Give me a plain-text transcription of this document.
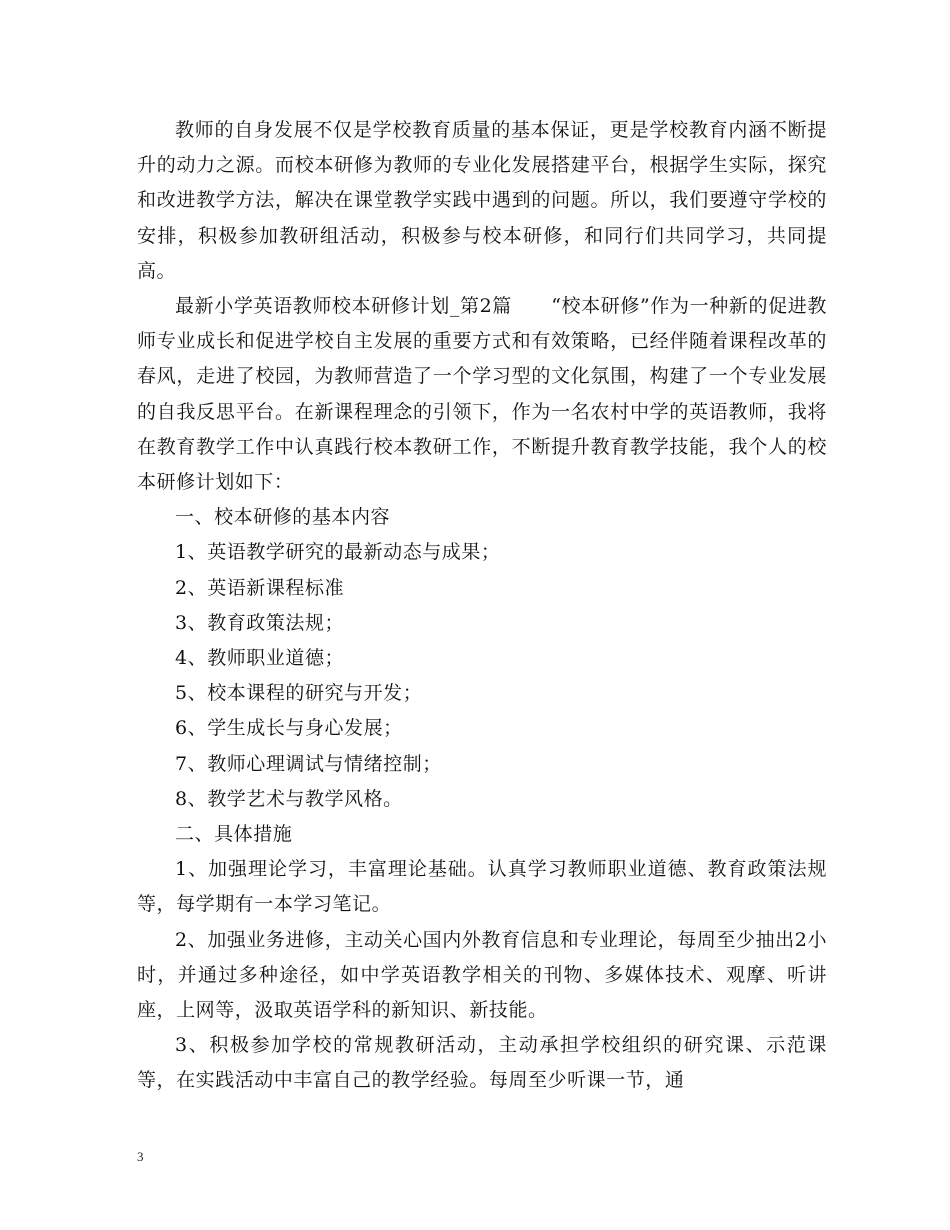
教师的自身发展不仅是学校教育质量的基本保证，更是学校教育内涵不断提升的动力之源。而校本研修为教师的专业化发展搭建平台，根据学生实际，探究和改进教学方法，解决在课堂教学实践中遇到的问题。所以，我们要遵守学校的安排，积极参加教研组活动，积极参与校本研修，和同行们共同学习，共同提高。

最新小学英语教师校本研修计划_第2篇　　“校本研修”作为一种新的促进教师专业成长和促进学校自主发展的重要方式和有效策略，已经伴随着课程改革的春风，走进了校园，为教师营造了一个学习型的文化氛围，构建了一个专业发展的自我反思平台。在新课程理念的引领下，作为一名农村中学的英语教师，我将在教育教学工作中认真践行校本教研工作，不断提升教育教学技能，我个人的校本研修计划如下：

一、校本研修的基本内容

1、英语教学研究的最新动态与成果；

2、英语新课程标准

3、教育政策法规；

4、教师职业道德；

5、校本课程的研究与开发；

6、学生成长与身心发展；

7、教师心理调试与情绪控制；

8、教学艺术与教学风格。

二、具体措施

1、加强理论学习，丰富理论基础。认真学习教师职业道德、教育政策法规等，每学期有一本学习笔记。

2、加强业务进修，主动关心国内外教育信息和专业理论，每周至少抽出2小时，并通过多种途径，如中学英语教学相关的刊物、多媒体技术、观摩、听讲座，上网等，汲取英语学科的新知识、新技能。

3、积极参加学校的常规教研活动，主动承担学校组织的研究课、示范课等，在实践活动中丰富自己的教学经验。每周至少听课一节，通

3
